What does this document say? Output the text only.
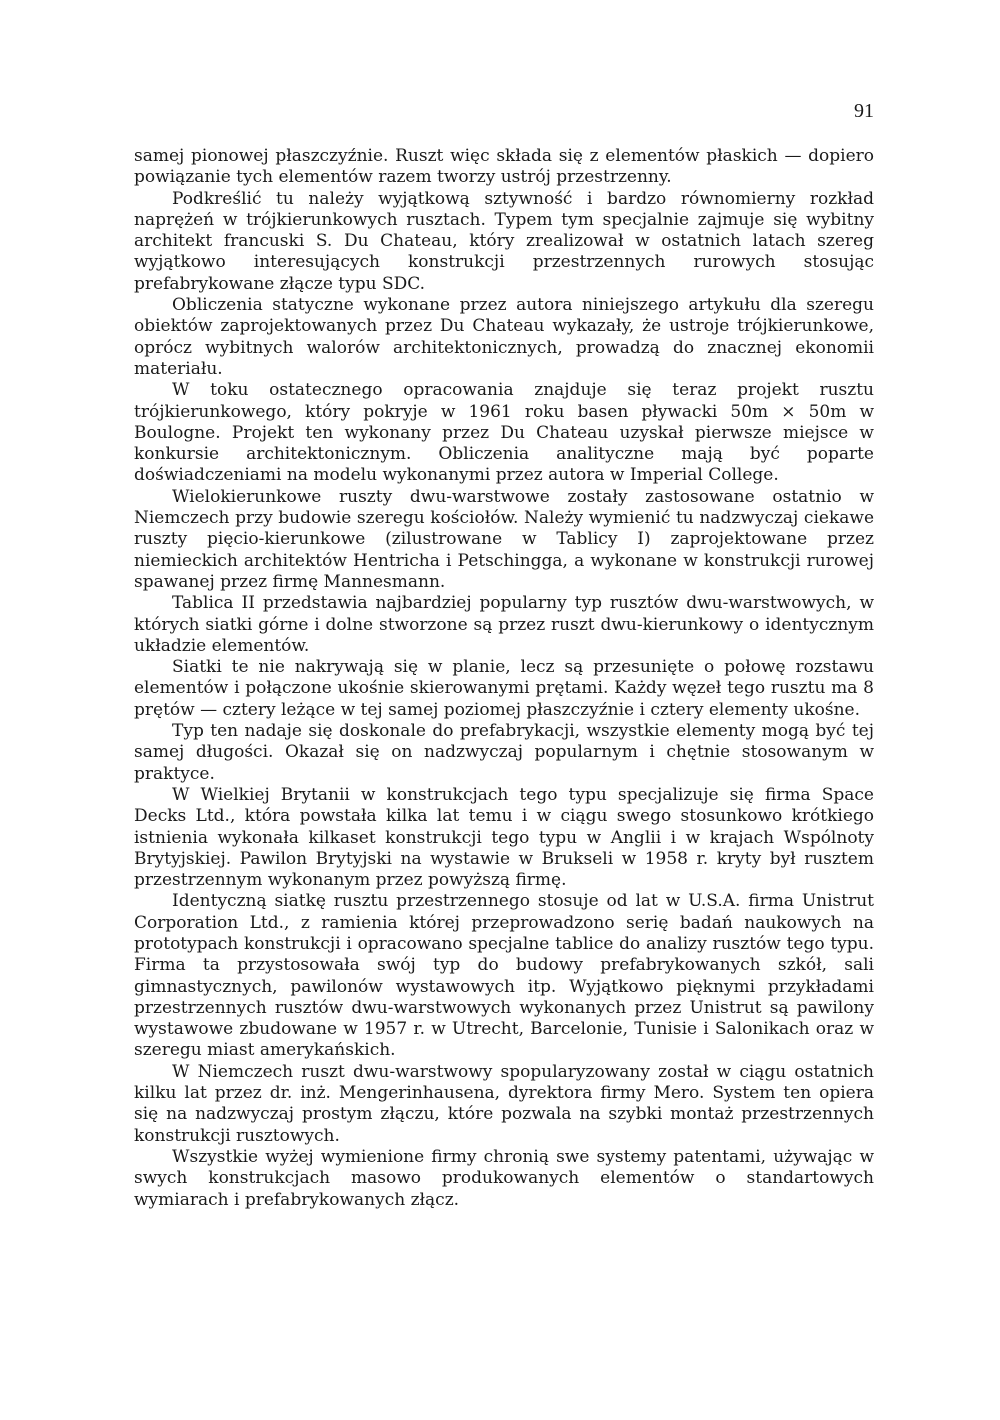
91

samej pionowej płaszczyźnie. Ruszt więc składa się z elementów płaskich — dopiero powiązanie tych elementów razem tworzy ustrój przestrzenny.

Podkreślić tu należy wyjątkową sztywność i bardzo równomierny rozkład naprężeń w trójkierunkowych rusztach. Typem tym specjalnie zajmuje się wybitny architekt francuski S. Du Chateau, który zrealizował w ostatnich latach szereg wyjątkowo interesujących konstrukcji przestrzennych rurowych stosując prefabrykowane złącze typu SDC.

Obliczenia statyczne wykonane przez autora niniejszego artykułu dla szeregu obiektów zaprojektowanych przez Du Chateau wykazały, że ustroje trójkierunkowe, oprócz wybitnych walorów architektonicznych, prowadzą do znacznej ekonomii materiału.

W toku ostatecznego opracowania znajduje się teraz projekt rusztu trójkierunkowego, który pokryje w 1961 roku basen pływacki 50m × 50m w Boulogne. Projekt ten wykonany przez Du Chateau uzyskał pierwsze miejsce w konkursie architektonicznym. Obliczenia analityczne mają być poparte doświadczeniami na modelu wykonanymi przez autora w Imperial College.

Wielokierunkowe ruszty dwu-warstwowe zostały zastosowane ostatnio w Niemczech przy budowie szeregu kościołów. Należy wymienić tu nadzwyczaj ciekawe ruszty pięcio-kierunkowe (zilustrowane w Tablicy I) zaprojektowane przez niemieckich architektów Hentricha i Petschingga, a wykonane w konstrukcji rurowej spawanej przez firmę Mannesmann.

Tablica II przedstawia najbardziej popularny typ rusztów dwu-warstwowych, w których siatki górne i dolne stworzone są przez ruszt dwu-kierunkowy o identycznym układzie elementów.

Siatki te nie nakrywają się w planie, lecz są przesunięte o połowę rozstawu elementów i połączone ukośnie skierowanymi prętami. Każdy węzeł tego rusztu ma 8 prętów — cztery leżące w tej samej poziomej płaszczyźnie i cztery elementy ukośne.

Typ ten nadaje się doskonale do prefabrykacji, wszystkie elementy mogą być tej samej długości. Okazał się on nadzwyczaj popularnym i chętnie stosowanym w praktyce.

W Wielkiej Brytanii w konstrukcjach tego typu specjalizuje się firma Space Decks Ltd., która powstała kilka lat temu i w ciągu swego stosunkowo krótkiego istnienia wykonała kilkaset konstrukcji tego typu w Anglii i w krajach Wspólnoty Brytyjskiej. Pawilon Brytyjski na wystawie w Brukseli w 1958 r. kryty był rusztem przestrzennym wykonanym przez powyższą firmę.

Identyczną siatkę rusztu przestrzennego stosuje od lat w U.S.A. firma Unistrut Corporation Ltd., z ramienia której przeprowadzono serię badań naukowych na prototypach konstrukcji i opracowano specjalne tablice do analizy rusztów tego typu. Firma ta przystosowała swój typ do budowy prefabrykowanych szkół, sali gimnastycznych, pawilonów wystawowych itp. Wyjątkowo pięknymi przykładami przestrzennych rusztów dwu-warstwowych wykonanych przez Unistrut są pawilony wystawowe zbudowane w 1957 r. w Utrecht, Barcelonie, Tunisie i Salonikach oraz w szeregu miast amerykańskich.

W Niemczech ruszt dwu-warstwowy spopularyzowany został w ciągu ostatnich kilku lat przez dr. inż. Mengerinhausena, dyrektora firmy Mero. System ten opiera się na nadzwyczaj prostym złączu, które pozwala na szybki montaż przestrzennych konstrukcji rusztowych.

Wszystkie wyżej wymienione firmy chronią swe systemy patentami, używając w swych konstrukcjach masowo produkowanych elementów o standartowych wymiarach i prefabrykowanych złącz.
